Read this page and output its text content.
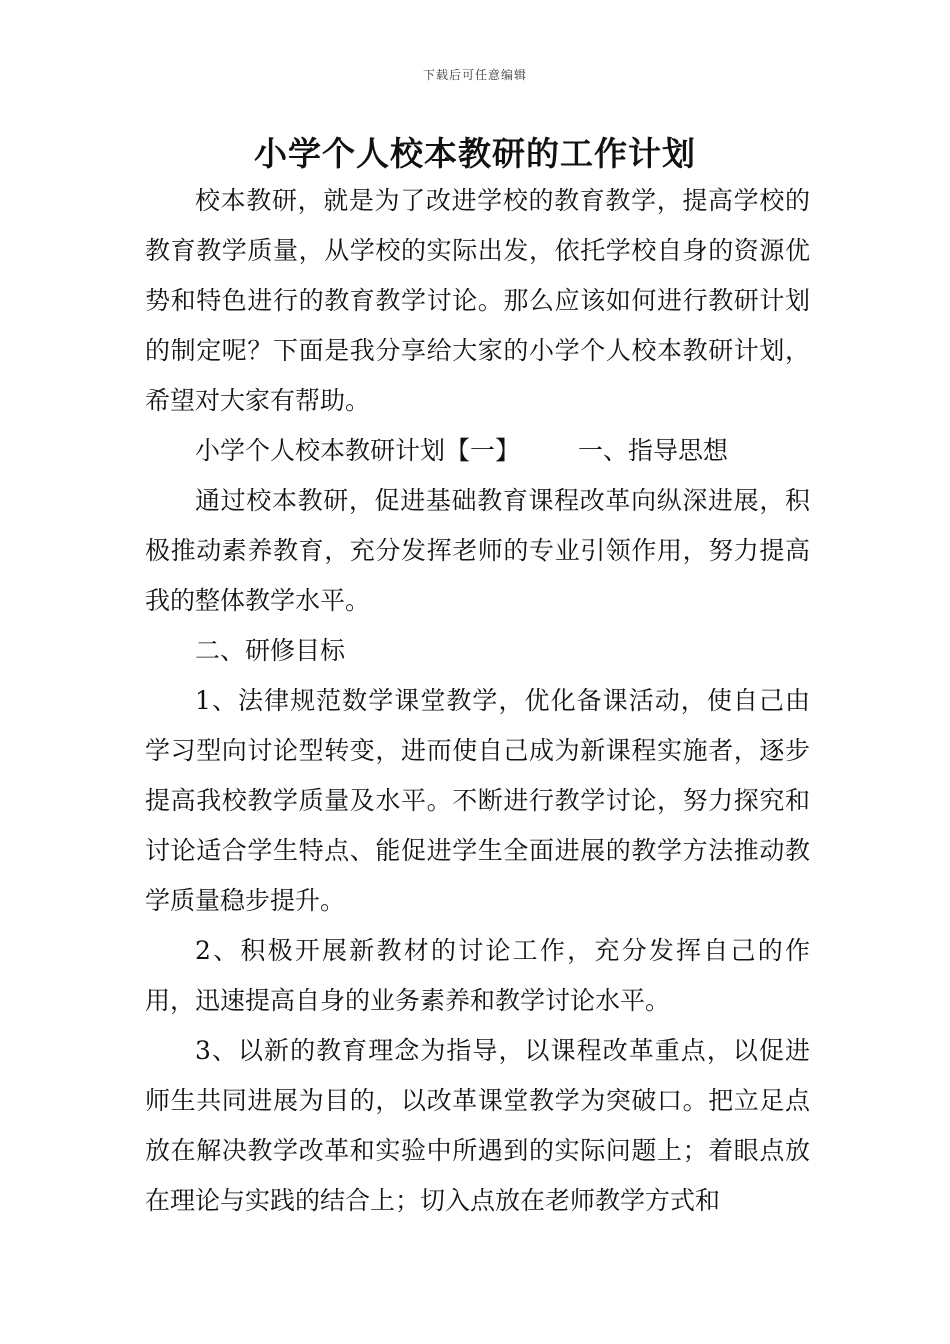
下载后可任意编辑
小学个人校本教研的工作计划

校本教研，就是为了改进学校的教育教学，提高学校的教育教学质量，从学校的实际出发，依托学校自身的资源优势和特色进行的教育教学讨论。那么应该如何进行教研计划的制定呢？下面是我分享给大家的小学个人校本教研计划，希望对大家有帮助。

小学个人校本教研计划【一】 一、指导思想

通过校本教研，促进基础教育课程改革向纵深进展，积极推动素养教育，充分发挥老师的专业引领作用，努力提高我的整体教学水平。

二、研修目标

1、法律规范数学课堂教学，优化备课活动，使自己由学习型向讨论型转变，进而使自己成为新课程实施者，逐步提高我校教学质量及水平。不断进行教学讨论，努力探究和讨论适合学生特点、能促进学生全面进展的教学方法推动教学质量稳步提升。

2、积极开展新教材的讨论工作，充分发挥自己的作用，迅速提高自身的业务素养和教学讨论水平。

3、以新的教育理念为指导，以课程改革重点，以促进师生共同进展为目的，以改革课堂教学为突破口。把立足点放在解决教学改革和实验中所遇到的实际问题上；着眼点放在理论与实践的结合上；切入点放在老师教学方式和
